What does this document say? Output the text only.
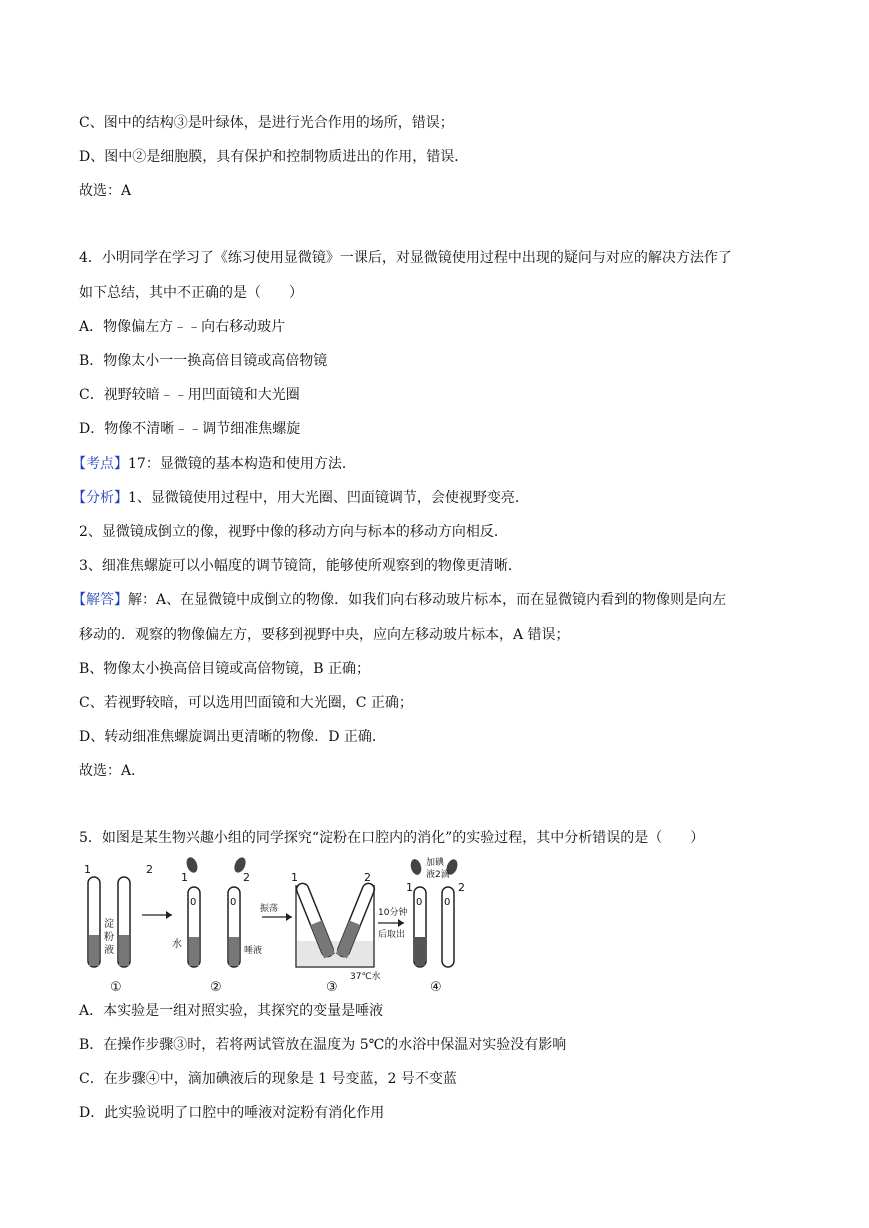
C、图中的结构③是叶绿体，是进行光合作用的场所，错误；
D、图中②是细胞膜，具有保护和控制物质进出的作用，错误．
故选：A
4．小明同学在学习了《练习使用显微镜》一课后，对显微镜使用过程中出现的疑问与对应的解决方法作了
如下总结，其中不正确的是（　　）
A．物像偏左方﹣﹣向右移动玻片
B．物像太小一一换高倍目镜或高倍物镜
C．视野较暗﹣﹣用凹面镜和大光圈
D．物像不清晰﹣﹣调节细准焦螺旋
【考点】17：显微镜的基本构造和使用方法．
【分析】1、显微镜使用过程中，用大光圈、凹面镜调节，会使视野变亮．
2、显微镜成倒立的像，视野中像的移动方向与标本的移动方向相反．
3、细准焦螺旋可以小幅度的调节镜筒，能够使所观察到的物像更清晰．
【解答】解：A、在显微镜中成倒立的物像．如我们向右移动玻片标本，而在显微镜内看到的物像则是向左
移动的．观察的物像偏左方，要移到视野中央，应向左移动玻片标本，A 错误；
B、物像太小换高倍目镜或高倍物镜，B 正确；
C、若视野较暗，可以选用凹面镜和大光圈，C 正确；
D、转动细准焦螺旋调出更清晰的物像．D 正确．
故选：A．
5．如图是某生物兴趣小组的同学探究“淀粉在口腔内的消化”的实验过程，其中分析错误的是（　　）
1	2
淀
粉
液
①
1	2
0	0
水
唾液
②
振荡
1	2
37℃水
③
10分钟
后取出
加碘
液2滴
1	2
0 0
④
A．本实验是一组对照实验，其探究的变量是唾液
B．在操作步骤③时，若将两试管放在温度为 5℃的水浴中保温对实验没有影响
C．在步骤④中，滴加碘液后的现象是 1 号变蓝，2 号不变蓝
D．此实验说明了口腔中的唾液对淀粉有消化作用
